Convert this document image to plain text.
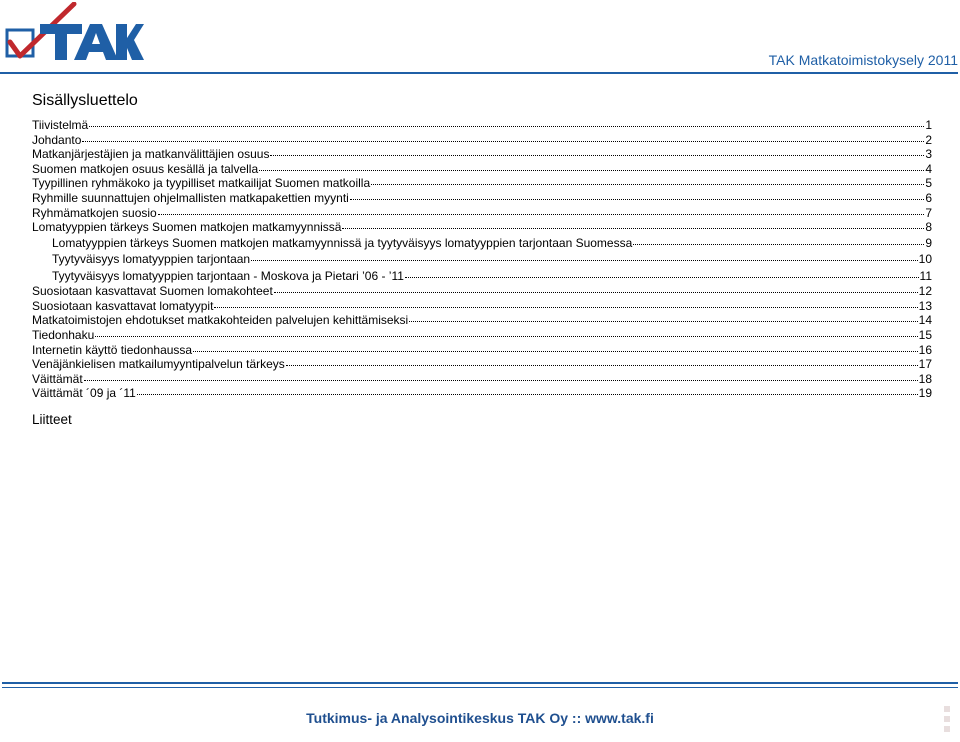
TAK Matkatoimistokysely 2011
Sisällysluettelo
Tiivistelmä	1
Johdanto	2
Matkanjärjestäjien ja matkanvälittäjien osuus	3
Suomen matkojen osuus kesällä ja talvella	4
Tyypillinen ryhmäkoko ja tyypilliset matkailijat Suomen matkoilla	5
Ryhmille suunnattujen ohjelmallisten matkapakettien myynti	6
Ryhmämatkojen suosio	7
Lomatyyppien tärkeys Suomen matkojen matkamyynnissä	8
Lomatyyppien tärkeys Suomen matkojen matkamyynnissä ja tyytyväisyys lomatyyppien tarjontaan Suomessa	9
Tyytyväisyys lomatyyppien tarjontaan	10
Tyytyväisyys lomatyyppien tarjontaan - Moskova ja Pietari ’06 - ’11	11
Suosiotaan kasvattavat Suomen lomakohteet	12
Suosiotaan kasvattavat lomatyypit	13
Matkatoimistojen ehdotukset matkakohteiden palvelujen kehittämiseksi	14
Tiedonhaku	15
Internetin käyttö tiedonhaussa	16
Venäjänkielisen matkailumyyntipalvelun tärkeys	17
Väittämät	18
Väittämät ´09 ja ´11	19
Liitteet
Tutkimus- ja Analysointikeskus TAK Oy :: www.tak.fi
